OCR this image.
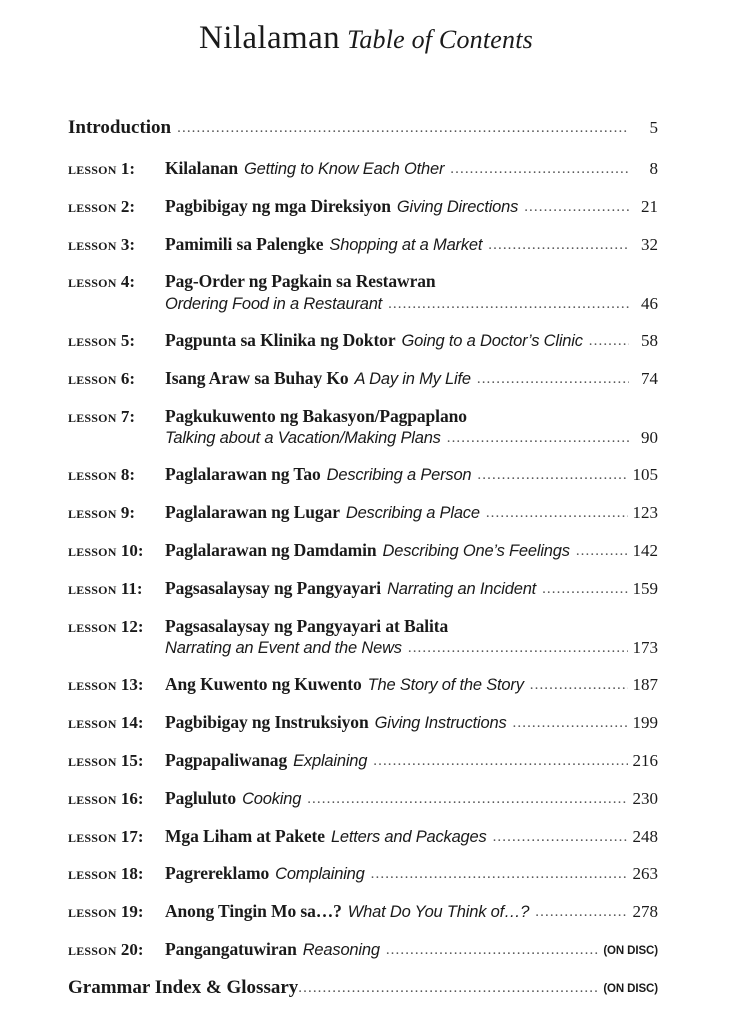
Nilalaman Table of Contents
Introduction .....	5
lesson 1:	Kilalanan Getting to Know Each Other .....	8
lesson 2:	Pagbibigay ng mga Direksiyon Giving Directions .....	21
lesson 3:	Pamimili sa Palengke Shopping at a Market .....	32
lesson 4:	Pag-Order ng Pagkain sa Restawran
Ordering Food in a Restaurant .....	46
lesson 5:	Pagpunta sa Klinika ng Doktor Going to a Doctor’s Clinic .....	58
lesson 6:	Isang Araw sa Buhay Ko A Day in My Life .....	74
lesson 7:	Pagkukuwento ng Bakasyon/Pagpaplano
Talking about a Vacation/Making Plans .....	90
lesson 8:	Paglalarawan ng Tao Describing a Person .....	105
lesson 9:	Paglalarawan ng Lugar Describing a Place .....	123
lesson 10:	Paglalarawan ng Damdamin Describing One’s Feelings .....	142
lesson 11:	Pagsasalaysay ng Pangyayari Narrating an Incident .....	159
lesson 12:	Pagsasalaysay ng Pangyayari at Balita
Narrating an Event and the News .....	173
lesson 13:	Ang Kuwento ng Kuwento The Story of the Story .....	187
lesson 14:	Pagbibigay ng Instruksiyon Giving Instructions .....	199
lesson 15:	Pagpapaliwanag Explaining .....	216
lesson 16:	Pagluluto Cooking .....	230
lesson 17:	Mga Liham at Pakete Letters and Packages .....	248
lesson 18:	Pagrereklamo Complaining .....	263
lesson 19:	Anong Tingin Mo sa…? What Do You Think of…? .....	278
lesson 20:	Pangangatuwiran Reasoning .....	(ON DISC)
Grammar Index & Glossary .....	(ON DISC)
